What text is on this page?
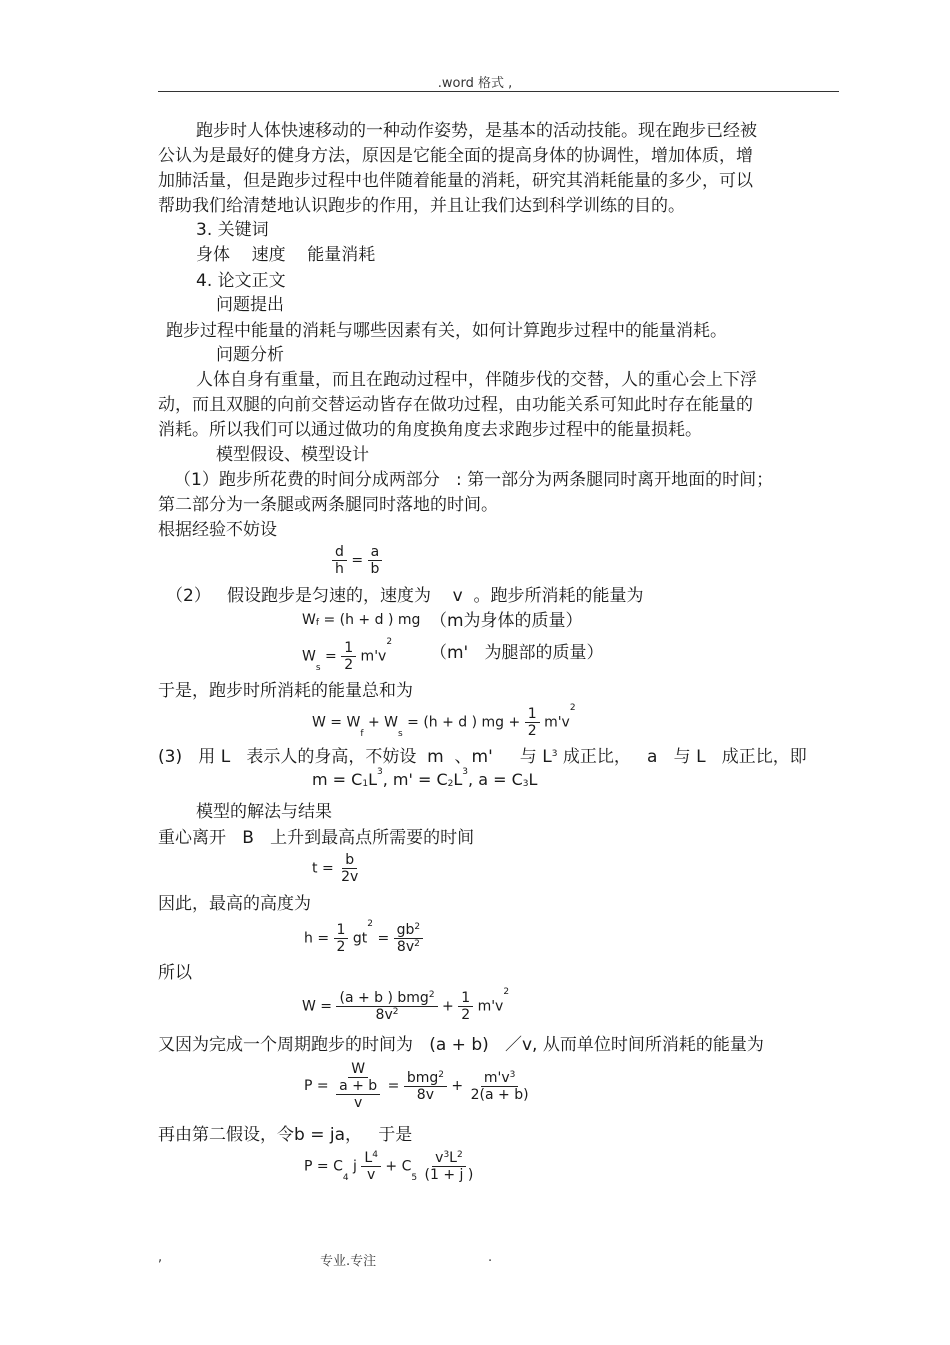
.word 格式 ,
跑步时人体快速移动的一种动作姿势，是基本的活动技能。现在跑步已经被
公认为是最好的健身方法，原因是它能全面的提高身体的协调性，增加体质，增
加肺活量，但是跑步过程中也伴随着能量的消耗，研究其消耗能量的多少，可以
帮助我们给清楚地认识跑步的作用，并且让我们达到科学训练的目的。
3. 关键词
身体    速度    能量消耗
4. 论文正文
问题提出
跑步过程中能量的消耗与哪些因素有关，如何计算跑步过程中的能量消耗。
问题分析
人体自身有重量，而且在跑动过程中，伴随步伐的交替，人的重心会上下浮
动，而且双腿的向前交替运动皆存在做功过程，由功能关系可知此时存在能量的
消耗。所以我们可以通过做功的角度换角度去求跑步过程中的能量损耗。
模型假设、模型设计
（1）跑步所花费的时间分成两部分   : 第一部分为两条腿同时离开地面的时间；
第二部分为一条腿或两条腿同时落地的时间。
根据经验不妨设
$\frac{d}{h} = \frac{a}{b}$
（2）   假设跑步是匀速的，速度为    v  。跑步所消耗的能量为
Wf = (h + d ) mg （m为身体的质量）
$Ws = \frac{1}{2} m'v^2$
（m'   为腿部的质量）
于是，跑步时所消耗的能量总和为
W = Wf + Ws = (h + d ) mg + $\frac{1}{2} m'v^2$
(3)   用 L   表示人的身高，不妨设  m  、m'     与 $L^3$ 成正比，   a   与 L   成正比，即
$m = C1L^3$, $m' = C2L^3$, a = C3L
模型的解法与结果
重心离开   B   上升到最高点所需要的时间
$t = \frac{b}{2v}$
因此，最高的高度为
$h = \frac{1}{2} gt^2 = \frac{gb^2}{8v^2}$
所以
W =
(a + b ) bmg$^2$
$8v^2$	+ $\frac{1}{2} m'v^2$
又因为完成一个周期跑步的时间为 (a + b)   ／v, 从而单位时间所消耗的能量为
$P = \frac{W}{\frac{a + b}{v}}$ =
bmg$^2$
8v
+ $\frac{m'v^3}{2(a + b)}$
再由第二假设，令b = ja，   于是
P = C4 j $\frac{L^4}{v} + C5 \frac{v^3L^2}{(1 + j )}$
,	专业.专注	.
